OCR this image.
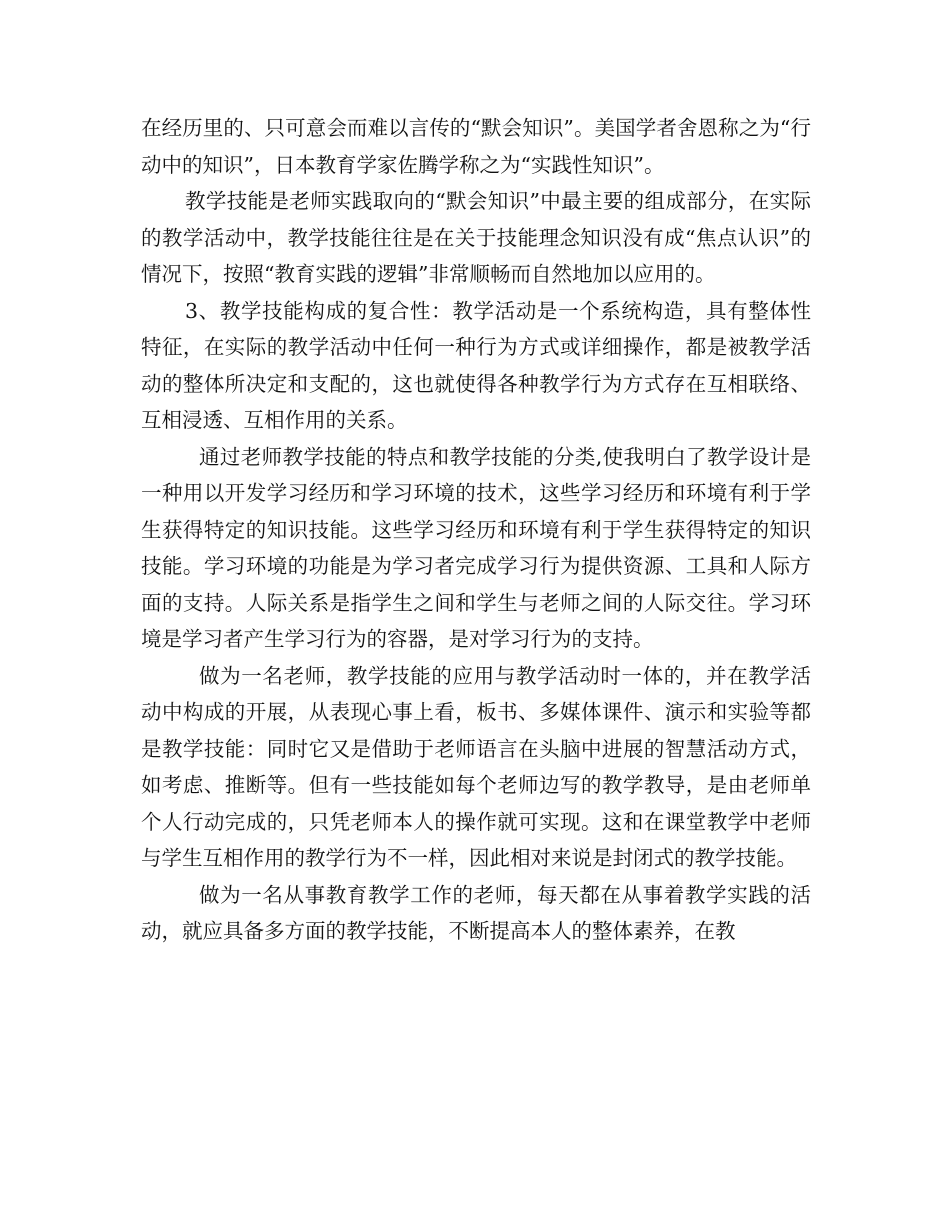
在经历里的、只可意会而难以言传的“默会知识”。美国学者舍恩称之为“行动中的知识”，日本教育学家佐腾学称之为“实践性知识”。

教学技能是老师实践取向的“默会知识”中最主要的组成部分，在实际的教学活动中，教学技能往往是在关于技能理念知识没有成“焦点认识”的情况下，按照“教育实践的逻辑”非常顺畅而自然地加以应用的。

3、教学技能构成的复合性：教学活动是一个系统构造，具有整体性特征，在实际的教学活动中任何一种行为方式或详细操作，都是被教学活动的整体所决定和支配的，这也就使得各种教学行为方式存在互相联络、互相浸透、互相作用的关系。

通过老师教学技能的特点和教学技能的分类,使我明白了教学设计是一种用以开发学习经历和学习环境的技术，这些学习经历和环境有利于学生获得特定的知识技能。这些学习经历和环境有利于学生获得特定的知识技能。学习环境的功能是为学习者完成学习行为提供资源、工具和人际方面的支持。人际关系是指学生之间和学生与老师之间的人际交往。学习环境是学习者产生学习行为的容器，是对学习行为的支持。

做为一名老师，教学技能的应用与教学活动时一体的，并在教学活动中构成的开展，从表现心事上看，板书、多媒体课件、演示和实验等都是教学技能：同时它又是借助于老师语言在头脑中进展的智慧活动方式，如考虑、推断等。但有一些技能如每个老师边写的教学教导，是由老师单个人行动完成的，只凭老师本人的操作就可实现。这和在课堂教学中老师与学生互相作用的教学行为不一样，因此相对来说是封闭式的教学技能。

做为一名从事教育教学工作的老师，每天都在从事着教学实践的活动，就应具备多方面的教学技能，不断提高本人的整体素养，在教
